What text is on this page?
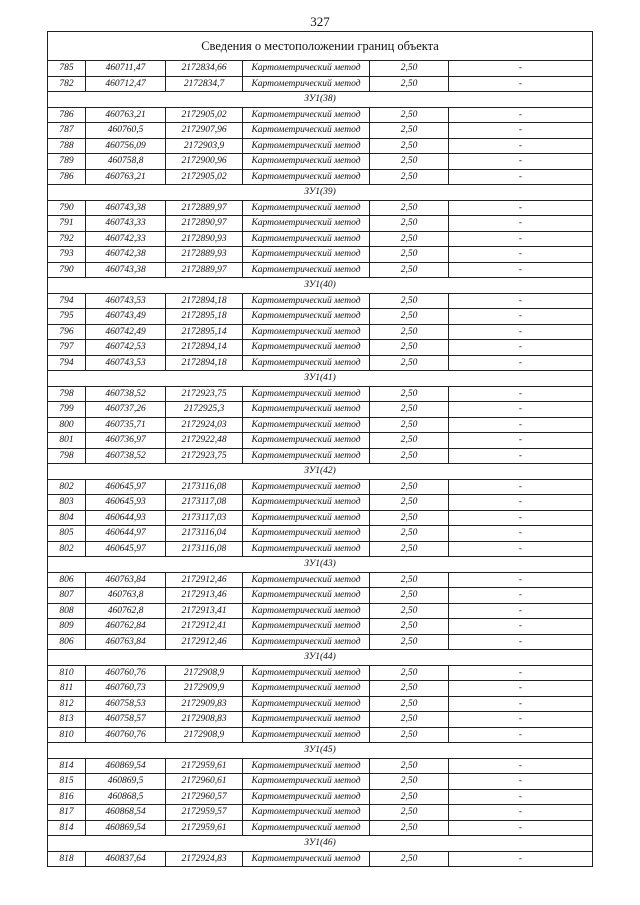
327
Сведения о местоположении границ объекта					
785	460711,47	2172834,66	Картометрический метод	2,50	-
782	460712,47	2172834,7	Картометрический метод	2,50	-
ЗУ1(38)					
786	460763,21	2172905,02	Картометрический метод	2,50	-
787	460760,5	2172907,96	Картометрический метод	2,50	-
788	460756,09	2172903,9	Картометрический метод	2,50	-
789	460758,8	2172900,96	Картометрический метод	2,50	-
786	460763,21	2172905,02	Картометрический метод	2,50	-
ЗУ1(39)					
790	460743,38	2172889,97	Картометрический метод	2,50	-
791	460743,33	2172890,97	Картометрический метод	2,50	-
792	460742,33	2172890,93	Картометрический метод	2,50	-
793	460742,38	2172889,93	Картометрический метод	2,50	-
790	460743,38	2172889,97	Картометрический метод	2,50	-
ЗУ1(40)					
794	460743,53	2172894,18	Картометрический метод	2,50	-
795	460743,49	2172895,18	Картометрический метод	2,50	-
796	460742,49	2172895,14	Картометрический метод	2,50	-
797	460742,53	2172894,14	Картометрический метод	2,50	-
794	460743,53	2172894,18	Картометрический метод	2,50	-
ЗУ1(41)					
798	460738,52	2172923,75	Картометрический метод	2,50	-
799	460737,26	2172925,3	Картометрический метод	2,50	-
800	460735,71	2172924,03	Картометрический метод	2,50	-
801	460736,97	2172922,48	Картометрический метод	2,50	-
798	460738,52	2172923,75	Картометрический метод	2,50	-
ЗУ1(42)					
802	460645,97	2173116,08	Картометрический метод	2,50	-
803	460645,93	2173117,08	Картометрический метод	2,50	-
804	460644,93	2173117,03	Картометрический метод	2,50	-
805	460644,97	2173116,04	Картометрический метод	2,50	-
802	460645,97	2173116,08	Картометрический метод	2,50	-
ЗУ1(43)					
806	460763,84	2172912,46	Картометрический метод	2,50	-
807	460763,8	2172913,46	Картометрический метод	2,50	-
808	460762,8	2172913,41	Картометрический метод	2,50	-
809	460762,84	2172912,41	Картометрический метод	2,50	-
806	460763,84	2172912,46	Картометрический метод	2,50	-
ЗУ1(44)					
810	460760,76	2172908,9	Картометрический метод	2,50	-
811	460760,73	2172909,9	Картометрический метод	2,50	-
812	460758,53	2172909,83	Картометрический метод	2,50	-
813	460758,57	2172908,83	Картометрический метод	2,50	-
810	460760,76	2172908,9	Картометрический метод	2,50	-
ЗУ1(45)					
814	460869,54	2172959,61	Картометрический метод	2,50	-
815	460869,5	2172960,61	Картометрический метод	2,50	-
816	460868,5	2172960,57	Картометрический метод	2,50	-
817	460868,54	2172959,57	Картометрический метод	2,50	-
814	460869,54	2172959,61	Картометрический метод	2,50	-
ЗУ1(46)					
818	460837,64	2172924,83	Картометрический метод	2,50	-
